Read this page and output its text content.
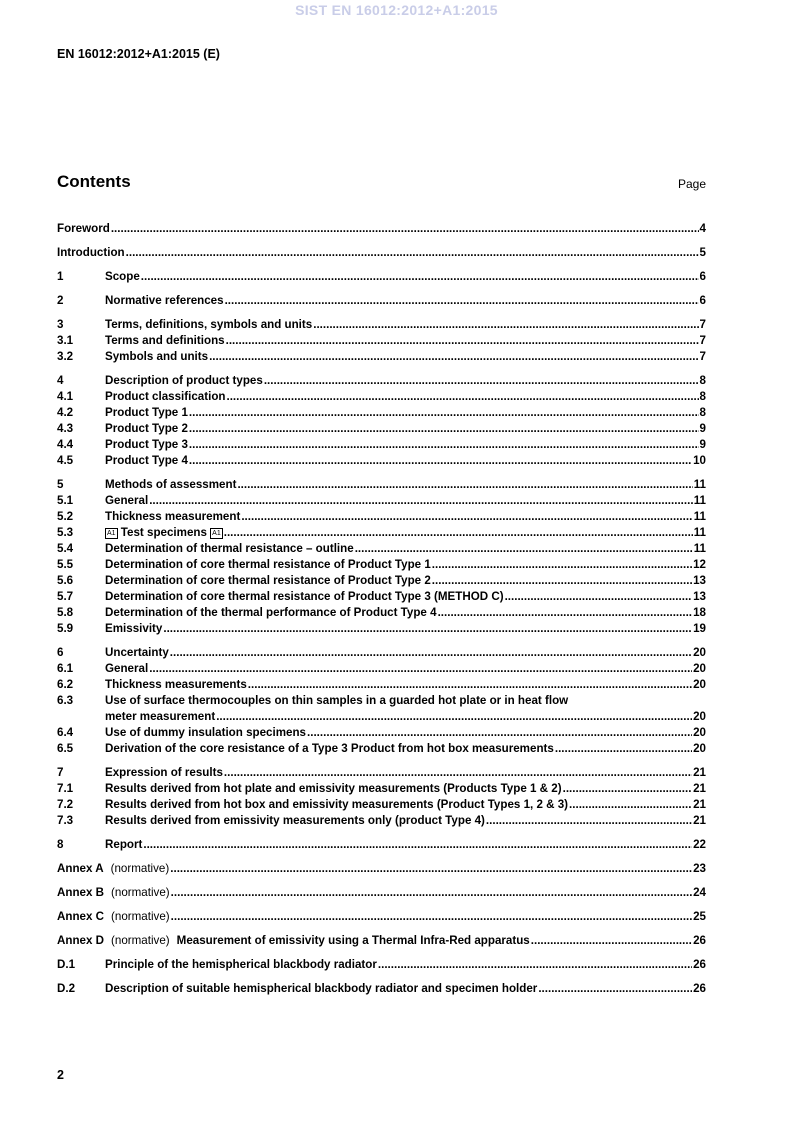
SIST EN 16012:2012+A1:2015
EN 16012:2012+A1:2015 (E)
Contents	Page
Foreword .....	4
Introduction .....	5
1	Scope .....	6
2	Normative references .....	6
3	Terms, definitions, symbols and units .....	7
3.1	Terms and definitions .....	7
3.2	Symbols and units .....	7
4	Description of product types .....	8
4.1	Product classification .....	8
4.2	Product Type 1 .....	8
4.3	Product Type 2 .....	9
4.4	Product Type 3 .....	9
4.5	Product Type 4 .....	10
5	Methods of assessment .....	11
5.1	General .....	11
5.2	Thickness measurement .....	11
5.3	A1 Test specimens A1 .....	11
5.4	Determination of thermal resistance – outline .....	11
5.5	Determination of core thermal resistance of Product Type 1 .....	12
5.6	Determination of core thermal resistance of Product Type 2 .....	13
5.7	Determination of core thermal resistance of Product Type 3 (METHOD C) .....	13
5.8	Determination of the thermal performance of Product Type 4 .....	18
5.9	Emissivity .....	19
6	Uncertainty .....	20
6.1	General .....	20
6.2	Thickness measurements .....	20
6.3	Use of surface thermocouples on thin samples in a guarded hot plate or in heat flow
meter measurement .....	20
6.4	Use of dummy insulation specimens .....	20
6.5	Derivation of the core resistance of a Type 3 Product from hot box measurements .....	20
7	Expression of results .....	21
7.1	Results derived from hot plate and emissivity measurements (Products Type 1 & 2) .....	21
7.2	Results derived from hot box and emissivity measurements (Product Types 1, 2 & 3) .....	21
7.3	Results derived from emissivity measurements only (product Type 4) .....	21
8	Report .....	22
Annex A (normative) .....	23
Annex B (normative) .....	24
Annex C (normative) .....	25
Annex D (normative) Measurement of emissivity using a Thermal Infra-Red apparatus .....	26
D.1	Principle of the hemispherical blackbody radiator .....	26
D.2	Description of suitable hemispherical blackbody radiator and specimen holder .....	26
2
